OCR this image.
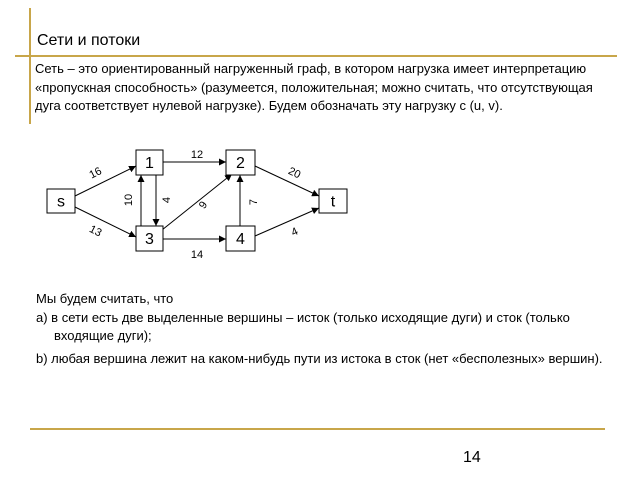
Сети и потоки
Сеть – это ориентированный нагруженный граф, в котором нагрузка имеет интерпретацию «пропускная способность» (разумеется, положительная; можно считать, что отсутствующая дуга соответствует нулевой нагрузке). Будем обозначать эту нагрузку c (u, v).
s
1	2
3	4
t
16
13
12
10 4 9
14
7
20
4

Мы будем считать, что

a) в сети есть две выделенные вершины – исток (только исходящие дуги) и сток (только входящие дуги);

b) любая вершина лежит на каком-нибудь пути из истока в сток (нет «бесполезных» вершин).

14
